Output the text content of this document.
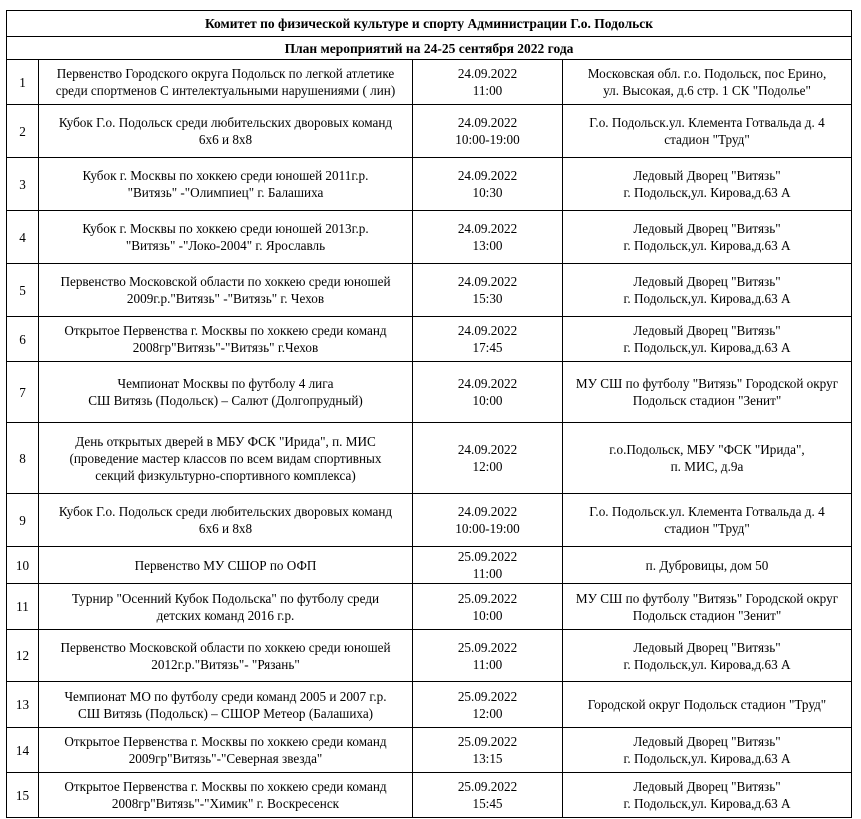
Комитет по физической культуре и спорту Администрации Г.о. Подольск			
План мероприятий на 24-25 сентября 2022 года			
1	Первенство Городского округа Подольск по легкой атлетике
среди спортменов С интелектуальными нарушениями ( лин)	24.09.2022
11:00	Московская обл. г.о. Подольск, пос Ерино,
ул. Высокая, д.6 стр. 1 СК "Подолье"
2	Кубок Г.о. Подольск среди любительских дворовых команд
6х6 и 8х8	24.09.2022
10:00-19:00	Г.о. Подольск.ул. Клемента Готвальда д. 4
стадион "Труд"
3	Кубок г. Москвы по хоккею среди юношей 2011г.р.
"Витязь" -"Олимпиец" г. Балашиха	24.09.2022
10:30	Ледовый Дворец "Витязь"
г. Подольск,ул. Кирова,д.63 А
4	Кубок г. Москвы по хоккею среди юношей 2013г.р.
"Витязь" -"Локо-2004" г. Ярославль	24.09.2022
13:00	Ледовый Дворец "Витязь"
г. Подольск,ул. Кирова,д.63 А
5	Первенство Московской области по хоккею среди юношей
2009г.р."Витязь" -"Витязь" г. Чехов	24.09.2022
15:30	Ледовый Дворец "Витязь"
г. Подольск,ул. Кирова,д.63 А
6	Открытое Первенства г. Москвы по хоккею среди команд
2008гр"Витязь"-"Витязь" г.Чехов	24.09.2022
17:45	Ледовый Дворец "Витязь"
г. Подольск,ул. Кирова,д.63 А
7	Чемпионат Москвы по футболу 4 лига
СШ Витязь (Подольск) – Салют (Долгопрудный)	24.09.2022
10:00	МУ СШ по футболу "Витязь" Городской округ
Подольск стадион "Зенит"
8	День открытых дверей в МБУ ФСК "Ирида", п. МИС
(проведение мастер классов по всем видам спортивных
секций физкультурно-спортивного комплекса)	24.09.2022
12:00	г.о.Подольск, МБУ "ФСК "Ирида",
п. МИС, д.9а
9	Кубок Г.о. Подольск среди любительских дворовых команд
6х6 и 8х8	24.09.2022
10:00-19:00	Г.о. Подольск.ул. Клемента Готвальда д. 4
стадион "Труд"
10	Первенство МУ СШОР по ОФП	25.09.2022
11:00	п. Дубровицы, дом 50
11	Турнир "Осенний Кубок Подольска" по футболу среди
детских команд 2016 г.р.	25.09.2022
10:00	МУ СШ по футболу "Витязь" Городской округ
Подольск стадион "Зенит"
12	Первенство Московской области по хоккею среди юношей
2012г.р."Витязь"- "Рязань"	25.09.2022
11:00	Ледовый Дворец "Витязь"
г. Подольск,ул. Кирова,д.63 А
13	Чемпионат МО по футболу среди команд 2005 и 2007 г.р.
СШ Витязь (Подольск) – СШОР Метеор (Балашиха)	25.09.2022
12:00	Городской округ Подольск стадион "Труд"
14	Открытое Первенства г. Москвы по хоккею среди команд
2009гр"Витязь"-"Северная звезда"	25.09.2022
13:15	Ледовый Дворец "Витязь"
г. Подольск,ул. Кирова,д.63 А
15	Открытое Первенства г. Москвы по хоккею среди команд
2008гр"Витязь"-"Химик" г. Воскресенск	25.09.2022
15:45	Ледовый Дворец "Витязь"
г. Подольск,ул. Кирова,д.63 А
